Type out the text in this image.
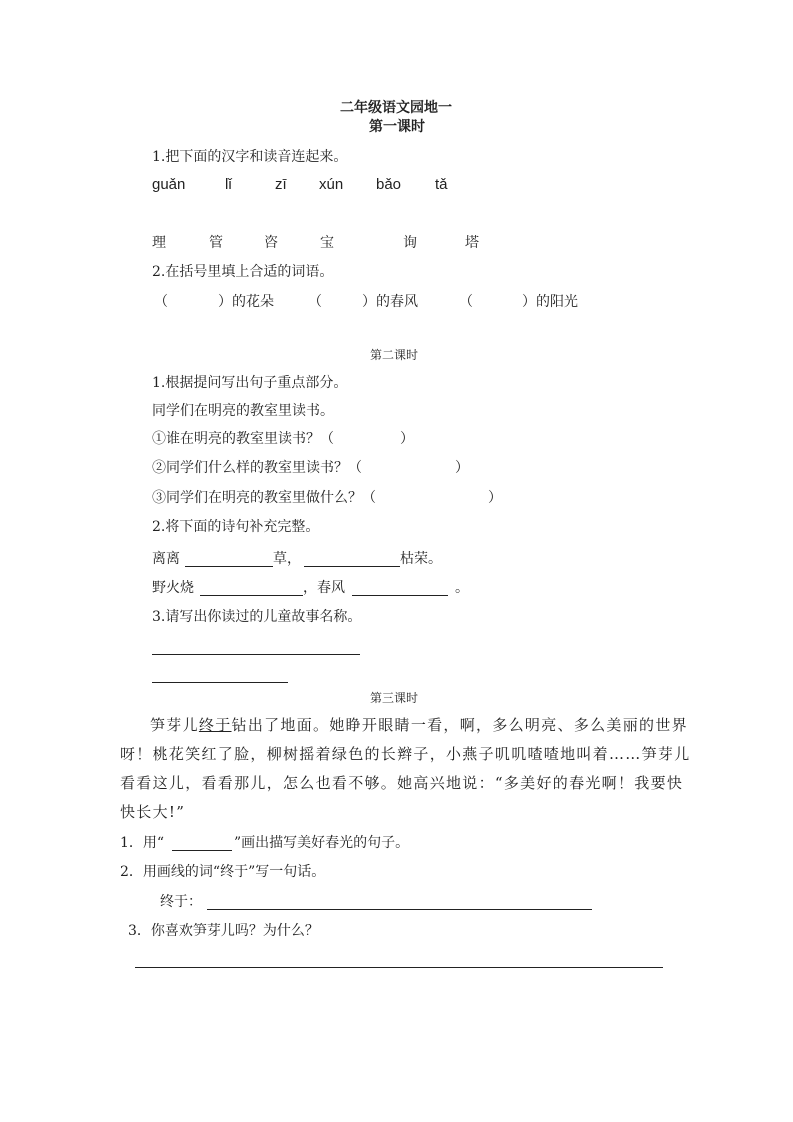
二年级语文园地一
第一课时
1.把下面的汉字和读音连起来。
guǎn	lǐ	zī xún bǎo tǎ
理	管	咨	宝	询	塔
2.在括号里填上合适的词语。
（	）的花朵 （	）的春风	（	）的阳光
第二课时
1.根据提问写出句子重点部分。
同学们在明亮的教室里读书。
①谁在明亮的教室里读书？（	）
②同学们什么样的教室里读书？（	）
③同学们在明亮的教室里做什么？（	）
2.将下面的诗句补充完整。
离离	草，	枯荣。
野火烧	，春风	。
3.请写出你读过的儿童故事名称。
第三课时
笋芽儿终于钻出了地面。她睁开眼睛一看，啊，多么明亮、多么美丽的世界
呀！桃花笑红了脸，柳树摇着绿色的长辫子，小燕子叽叽喳喳地叫着……笋芽儿
看看这儿，看看那儿，怎么也看不够。她高兴地说：“多美好的春光啊！我要快
快长大!”
1．用“	”画出描写美好春光的句子。
2．用画线的词“终于”写一句话。
终于：
3．你喜欢笋芽儿吗？为什么？
